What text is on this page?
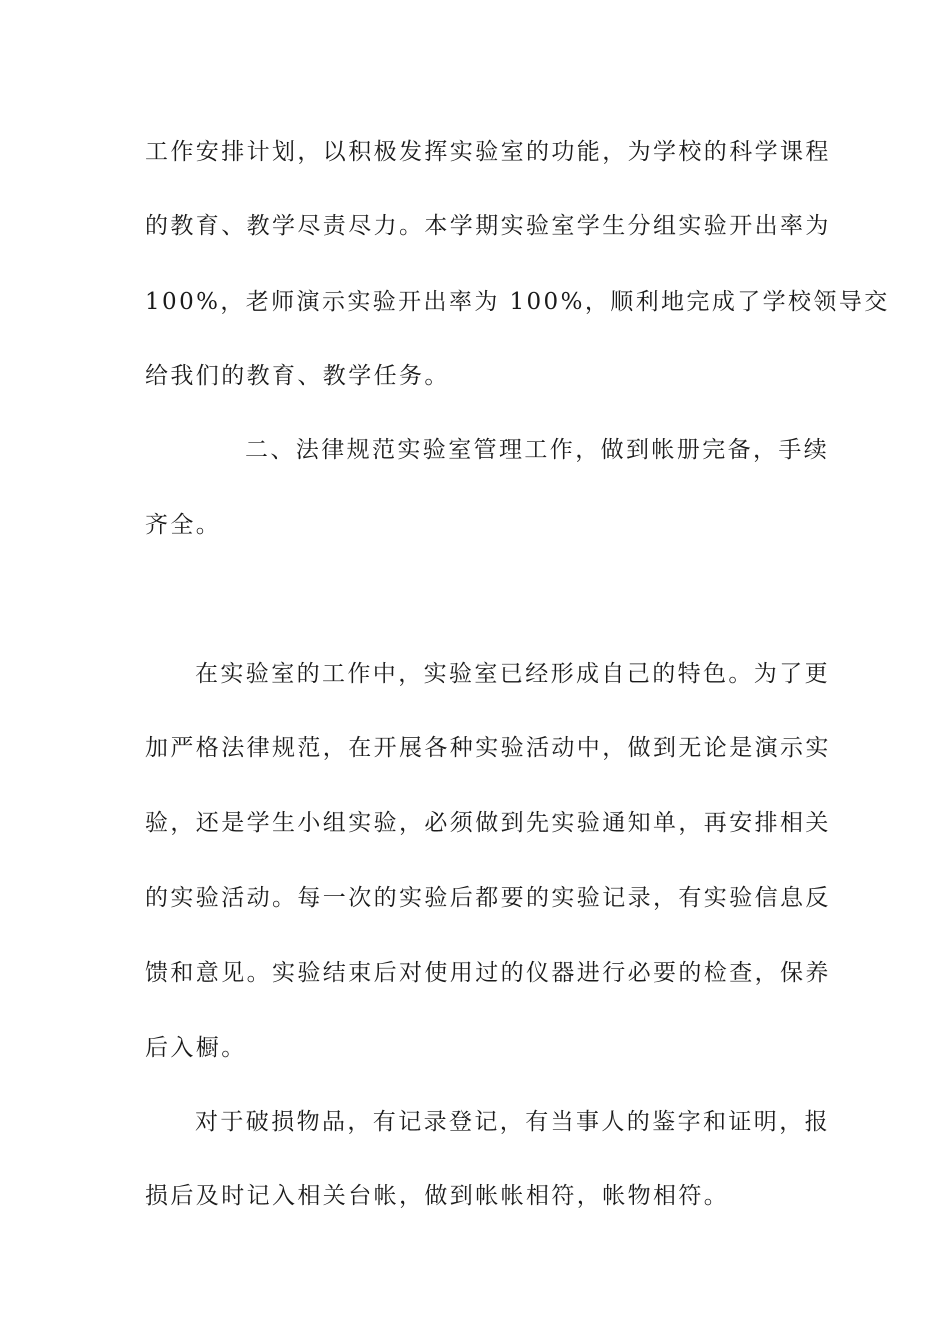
工作安排计划，以积极发挥实验室的功能，为学校的科学课程
的教育、教学尽责尽力。本学期实验室学生分组实验开出率为
100%，老师演示实验开出率为 100%，顺利地完成了学校领导交
给我们的教育、教学任务。
二、法律规范实验室管理工作，做到帐册完备，手续
齐全。
在实验室的工作中，实验室已经形成自己的特色。为了更
加严格法律规范，在开展各种实验活动中，做到无论是演示实
验，还是学生小组实验，必须做到先实验通知单，再安排相关
的实验活动。每一次的实验后都要的实验记录，有实验信息反
馈和意见。实验结束后对使用过的仪器进行必要的检查，保养
后入橱。
对于破损物品，有记录登记，有当事人的鉴字和证明，报
损后及时记入相关台帐，做到帐帐相符，帐物相符。
